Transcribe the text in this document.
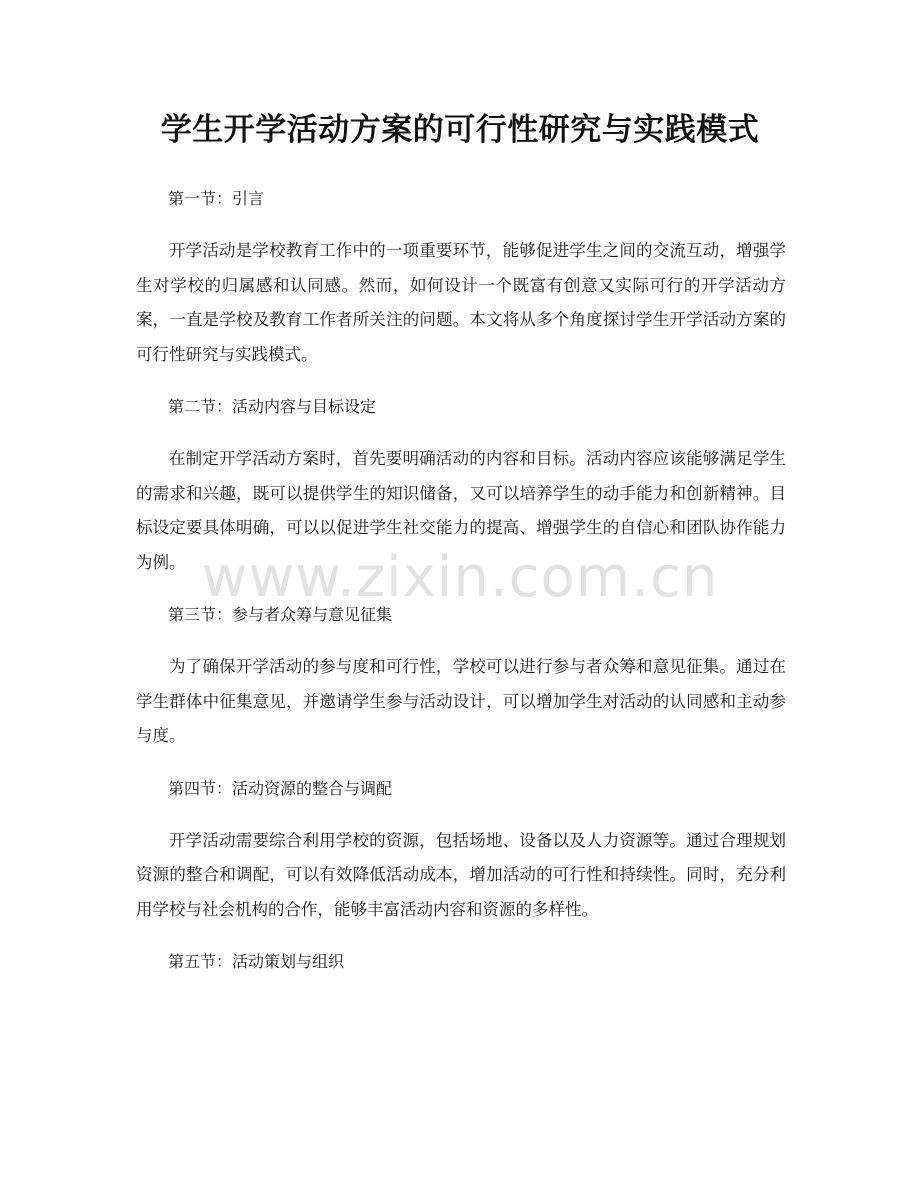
学生开学活动方案的可行性研究与实践模式
第一节：引言
开学活动是学校教育工作中的一项重要环节，能够促进学生之间的交流互动，增强学生对学校的归属感和认同感。然而，如何设计一个既富有创意又实际可行的开学活动方案，一直是学校及教育工作者所关注的问题。本文将从多个角度探讨学生开学活动方案的可行性研究与实践模式。
第二节：活动内容与目标设定
在制定开学活动方案时，首先要明确活动的内容和目标。活动内容应该能够满足学生的需求和兴趣，既可以提供学生的知识储备，又可以培养学生的动手能力和创新精神。目标设定要具体明确，可以以促进学生社交能力的提高、增强学生的自信心和团队协作能力为例。
第三节：参与者众筹与意见征集
为了确保开学活动的参与度和可行性，学校可以进行参与者众筹和意见征集。通过在学生群体中征集意见，并邀请学生参与活动设计，可以增加学生对活动的认同感和主动参与度。
第四节：活动资源的整合与调配
开学活动需要综合利用学校的资源，包括场地、设备以及人力资源等。通过合理规划资源的整合和调配，可以有效降低活动成本，增加活动的可行性和持续性。同时，充分利用学校与社会机构的合作，能够丰富活动内容和资源的多样性。
第五节：活动策划与组织
www.zixin.com.cn
